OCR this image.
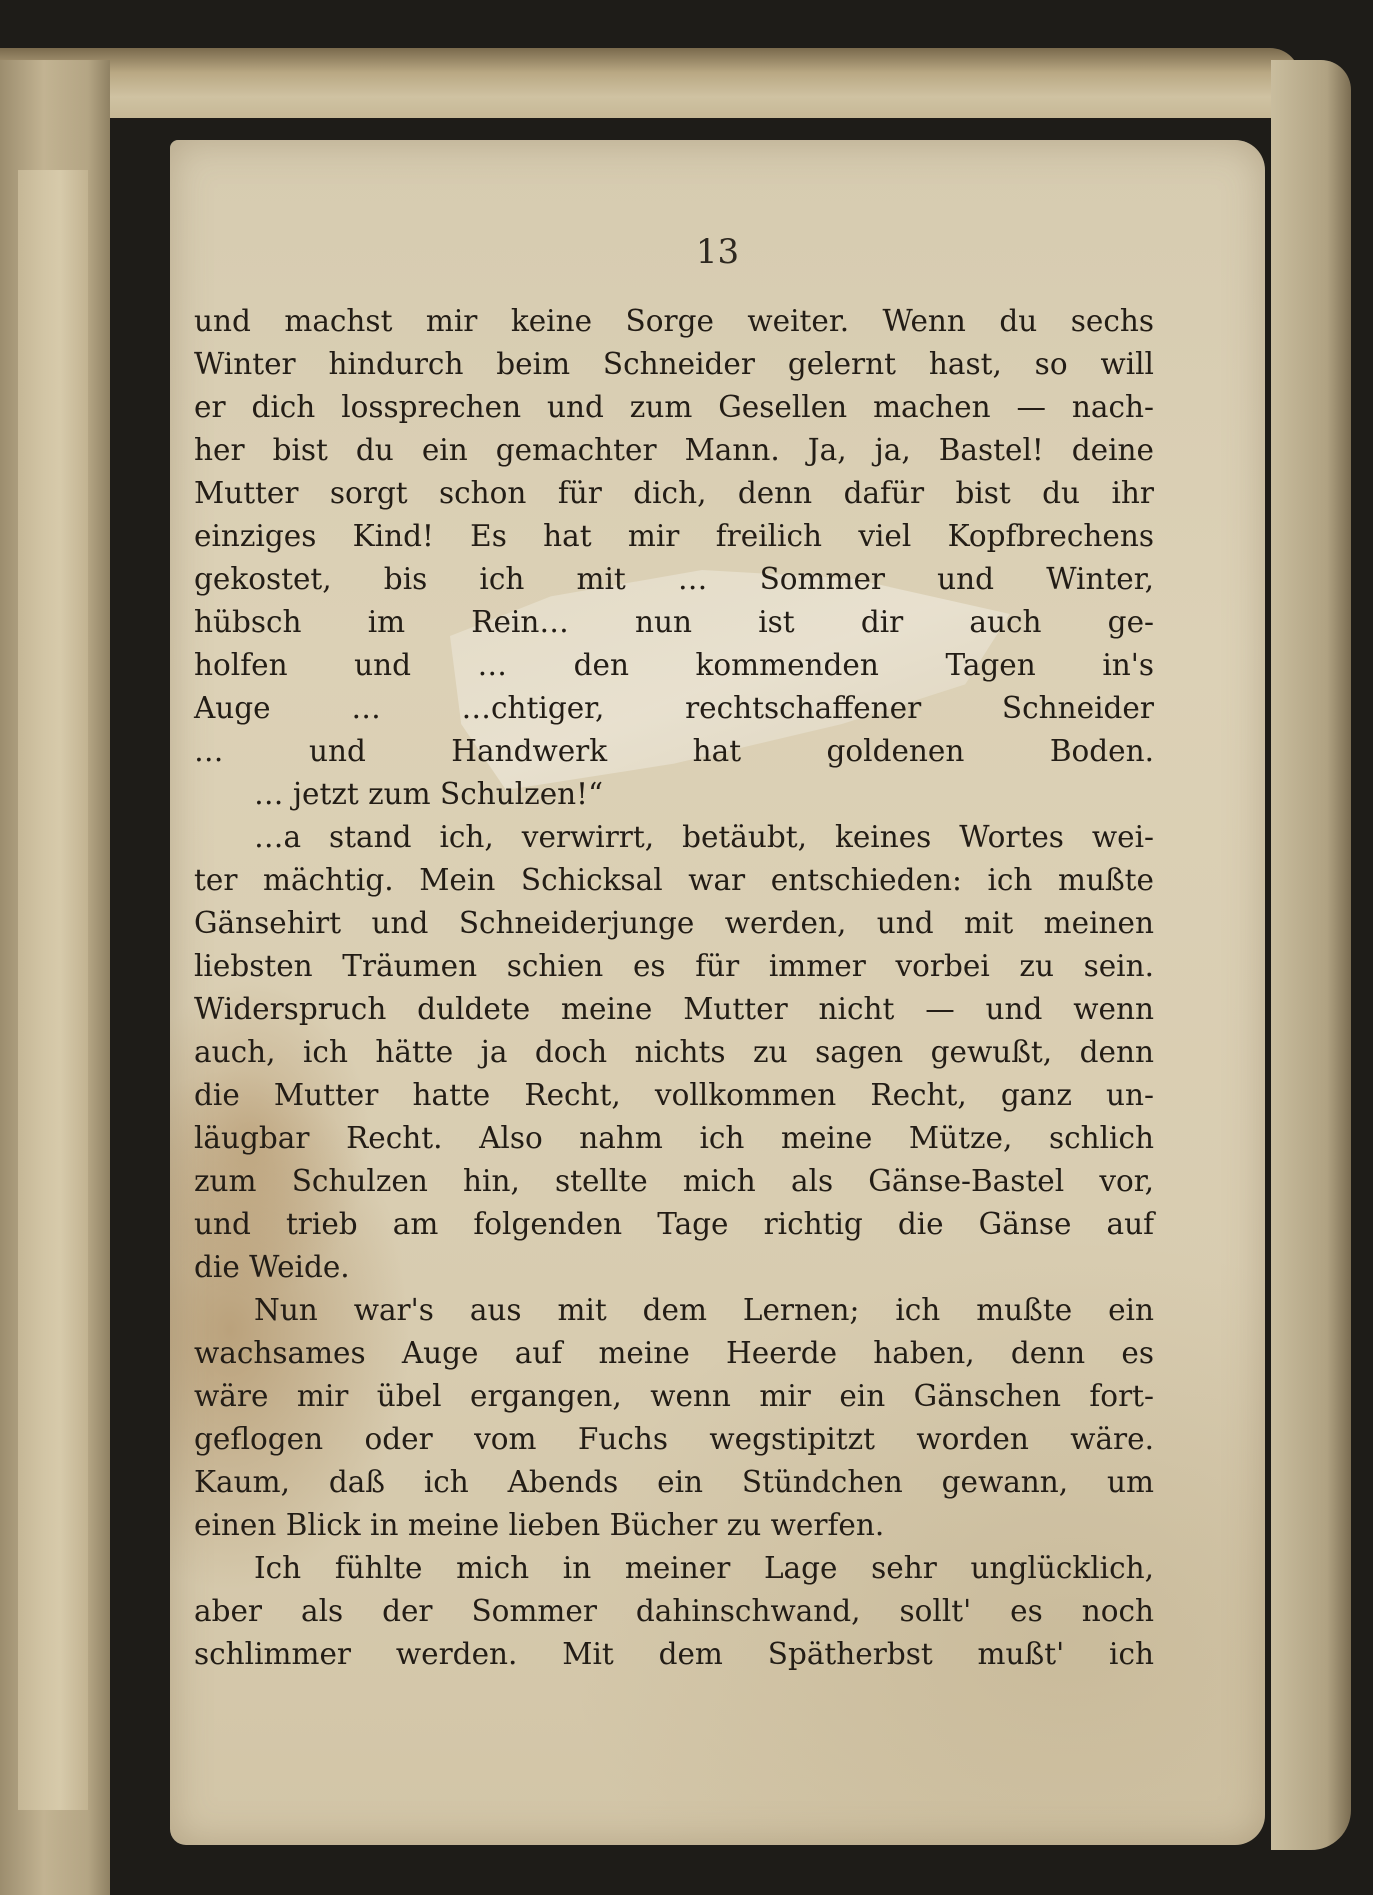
13
und machst mir keine Sorge weiter. Wenn du sechs
Winter hindurch beim Schneider gelernt hast, so will
er dich lossprechen und zum Gesellen machen — nach-
her bist du ein gemachter Mann. Ja, ja, Bastel! deine
Mutter sorgt schon für dich, denn dafür bist du ihr
einziges Kind! Es hat mir freilich viel Kopfbrechens
gekostet, bis ich mit … Sommer und Winter,
hübsch im Rein… nun ist dir auch ge-
holfen und … den kommenden Tagen in's
Auge … …chtiger, rechtschaffener Schneider
… und Handwerk hat goldenen Boden.
… jetzt zum Schulzen!“
…a stand ich, verwirrt, betäubt, keines Wortes wei-
ter mächtig. Mein Schicksal war entschieden: ich mußte
Gänsehirt und Schneiderjunge werden, und mit meinen
liebsten Träumen schien es für immer vorbei zu sein.
Widerspruch duldete meine Mutter nicht — und wenn
auch, ich hätte ja doch nichts zu sagen gewußt, denn
die Mutter hatte Recht, vollkommen Recht, ganz un-
läugbar Recht. Also nahm ich meine Mütze, schlich
zum Schulzen hin, stellte mich als Gänse-Bastel vor,
und trieb am folgenden Tage richtig die Gänse auf
die Weide.
Nun war's aus mit dem Lernen; ich mußte ein
wachsames Auge auf meine Heerde haben, denn es
wäre mir übel ergangen, wenn mir ein Gänschen fort-
geflogen oder vom Fuchs wegstipitzt worden wäre.
Kaum, daß ich Abends ein Stündchen gewann, um
einen Blick in meine lieben Bücher zu werfen.
Ich fühlte mich in meiner Lage sehr unglücklich,
aber als der Sommer dahinschwand, sollt' es noch
schlimmer werden. Mit dem Spätherbst mußt' ich
